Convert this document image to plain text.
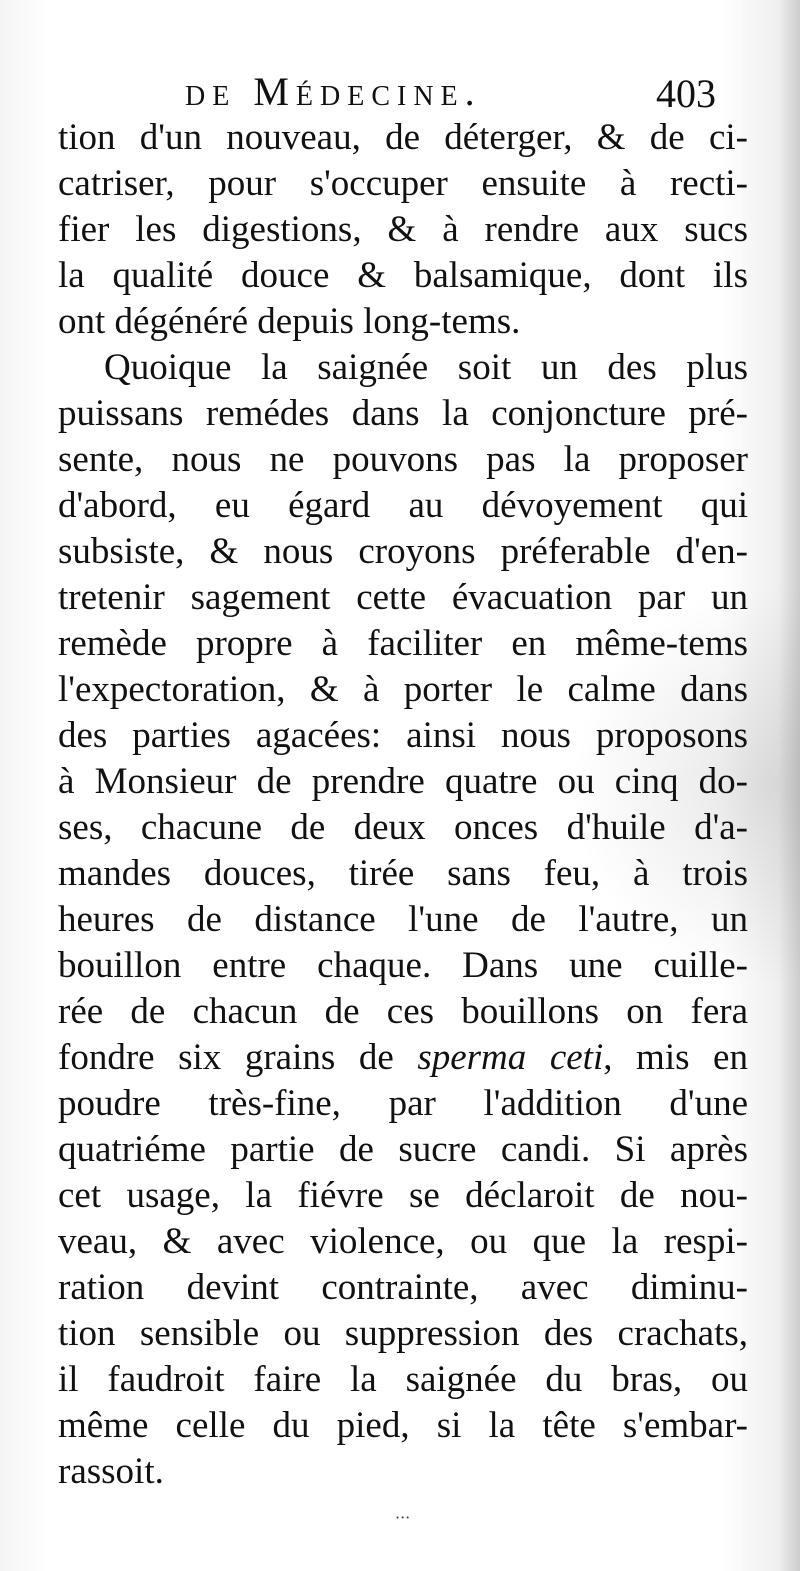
de Médecine.	403
tion d'un nouveau, de déterger, & de ci-
catriser, pour s'occuper ensuite à recti-
fier les digestions, & à rendre aux sucs
la qualité douce & balsamique, dont ils
ont dégénéré depuis long-tems.
Quoique la saignée soit un des plus
puissans remédes dans la conjoncture pré-
sente, nous ne pouvons pas la proposer
d'abord, eu égard au dévoyement qui
subsiste, & nous croyons préferable d'en-
tretenir sagement cette évacuation par un
remède propre à faciliter en même-tems
l'expectoration, & à porter le calme dans
des parties agacées: ainsi nous proposons
à Monsieur de prendre quatre ou cinq do-
ses, chacune de deux onces d'huile d'a-
mandes douces, tirée sans feu, à trois
heures de distance l'une de l'autre, un
bouillon entre chaque. Dans une cuille-
rée de chacun de ces bouillons on fera
fondre six grains de sperma ceti, mis en
poudre très-fine, par l'addition d'une
quatriéme partie de sucre candi. Si après
cet usage, la fiévre se déclaroit de nou-
veau, & avec violence, ou que la respi-
ration devint contrainte, avec diminu-
tion sensible ou suppression des crachats,
il faudroit faire la saignée du bras, ou
même celle du pied, si la tête s'embar-
rassoit.
···
